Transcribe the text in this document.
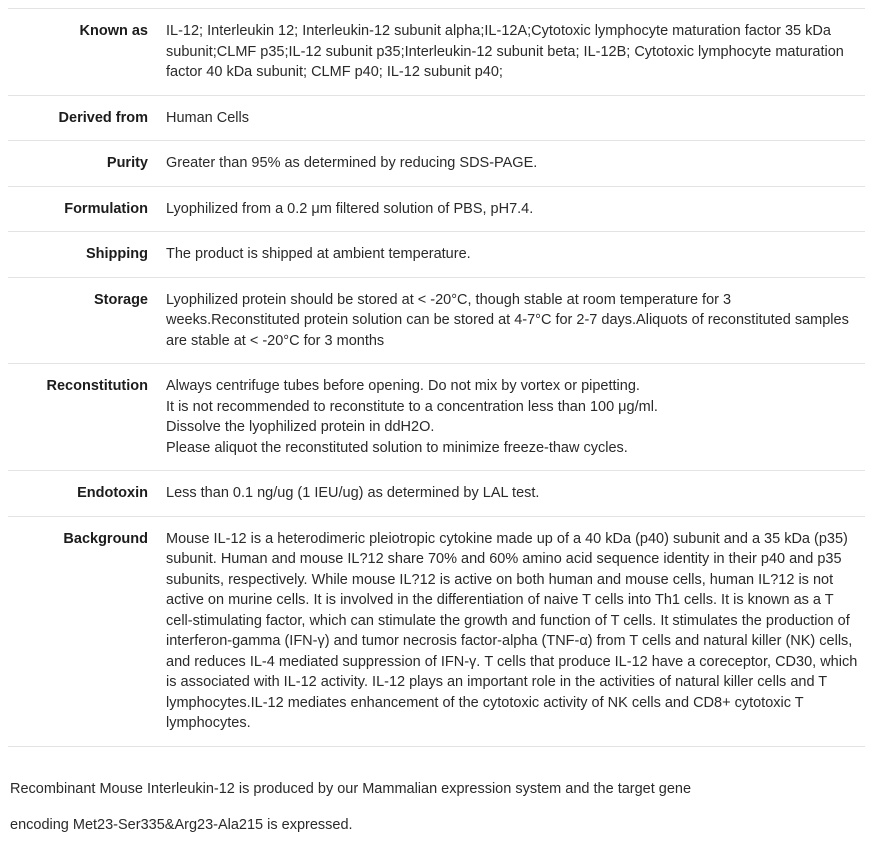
Known as	IL-12; Interleukin 12; Interleukin-12 subunit alpha;IL-12A;Cytotoxic lymphocyte maturation factor 35 kDa subunit;CLMF p35;IL-12 subunit p35;Interleukin-12 subunit beta; IL-12B; Cytotoxic lymphocyte maturation factor 40 kDa subunit; CLMF p40; IL-12 subunit p40;

Derived from	Human Cells

Purity	Greater than 95% as determined by reducing SDS-PAGE.

Formulation	Lyophilized from a 0.2 μm filtered solution of PBS, pH7.4.

Shipping	The product is shipped at ambient temperature.

Storage	Lyophilized protein should be stored at < -20°C, though stable at room temperature for 3 weeks.Reconstituted protein solution can be stored at 4-7°C for 2-7 days.Aliquots of reconstituted samples are stable at < -20°C for 3 months

Reconstitution	Always centrifuge tubes before opening. Do not mix by vortex or pipetting.
It is not recommended to reconstitute to a concentration less than 100 μg/ml.
Dissolve the lyophilized protein in ddH2O.
Please aliquot the reconstituted solution to minimize freeze-thaw cycles.

Endotoxin	Less than 0.1 ng/ug (1 IEU/ug) as determined by LAL test.

Background	Mouse IL-12 is a heterodimeric pleiotropic cytokine made up of a 40 kDa (p40) subunit and a 35 kDa (p35) subunit. Human and mouse IL?12 share 70% and 60% amino acid sequence identity in their p40 and p35 subunits, respectively. While mouse IL?12 is active on both human and mouse cells, human IL?12 is not active on murine cells. It is involved in the differentiation of naive T cells into Th1 cells. It is known as a T cell-stimulating factor, which can stimulate the growth and function of T cells. It stimulates the production of interferon-gamma (IFN-γ) and tumor necrosis factor-alpha (TNF-α) from T cells and natural killer (NK) cells, and reduces IL-4 mediated suppression of IFN-γ. T cells that produce IL-12 have a coreceptor, CD30, which is associated with IL-12 activity. IL-12 plays an important role in the activities of natural killer cells and T lymphocytes.IL-12 mediates enhancement of the cytotoxic activity of NK cells and CD8+ cytotoxic T lymphocytes.
Recombinant Mouse Interleukin-12 is produced by our Mammalian expression system and the target gene
encoding Met23-Ser335&Arg23-Ala215 is expressed.
